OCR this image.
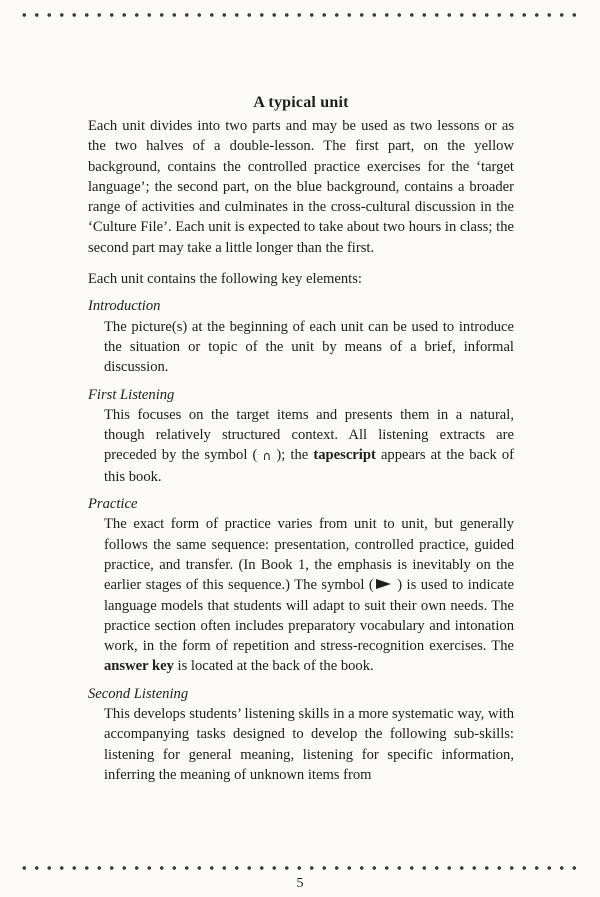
A typical unit

Each unit divides into two parts and may be used as two lessons or as the two halves of a double-lesson. The first part, on the yellow background, contains the controlled practice exercises for the ‘target language’; the second part, on the blue background, contains a broader range of activities and culminates in the cross-cultural discussion in the ‘Culture File’. Each unit is expected to take about two hours in class; the second part may take a little longer than the first.

Each unit contains the following key elements:

Introduction

The picture(s) at the beginning of each unit can be used to introduce the situation or topic of the unit by means of a brief, informal discussion.

First Listening

This focuses on the target items and presents them in a natural, though relatively structured context. All listening extracts are preceded by the symbol ( ∩ ); the tapescript appears at the back of this book.

Practice

The exact form of practice varies from unit to unit, but generally follows the same sequence: presentation, controlled practice, guided practice, and transfer. (In Book 1, the emphasis is inevitably on the earlier stages of this sequence.) The symbol ( ) is used to indicate language models that students will adapt to suit their own needs. The practice section often includes preparatory vocabulary and intonation work, in the form of repetition and stress-recognition exercises. The answer key is located at the back of the book.

Second Listening

This develops students’ listening skills in a more systematic way, with accompanying tasks designed to develop the following sub-skills: listening for general meaning, listening for specific information, inferring the meaning of unknown items from

5
